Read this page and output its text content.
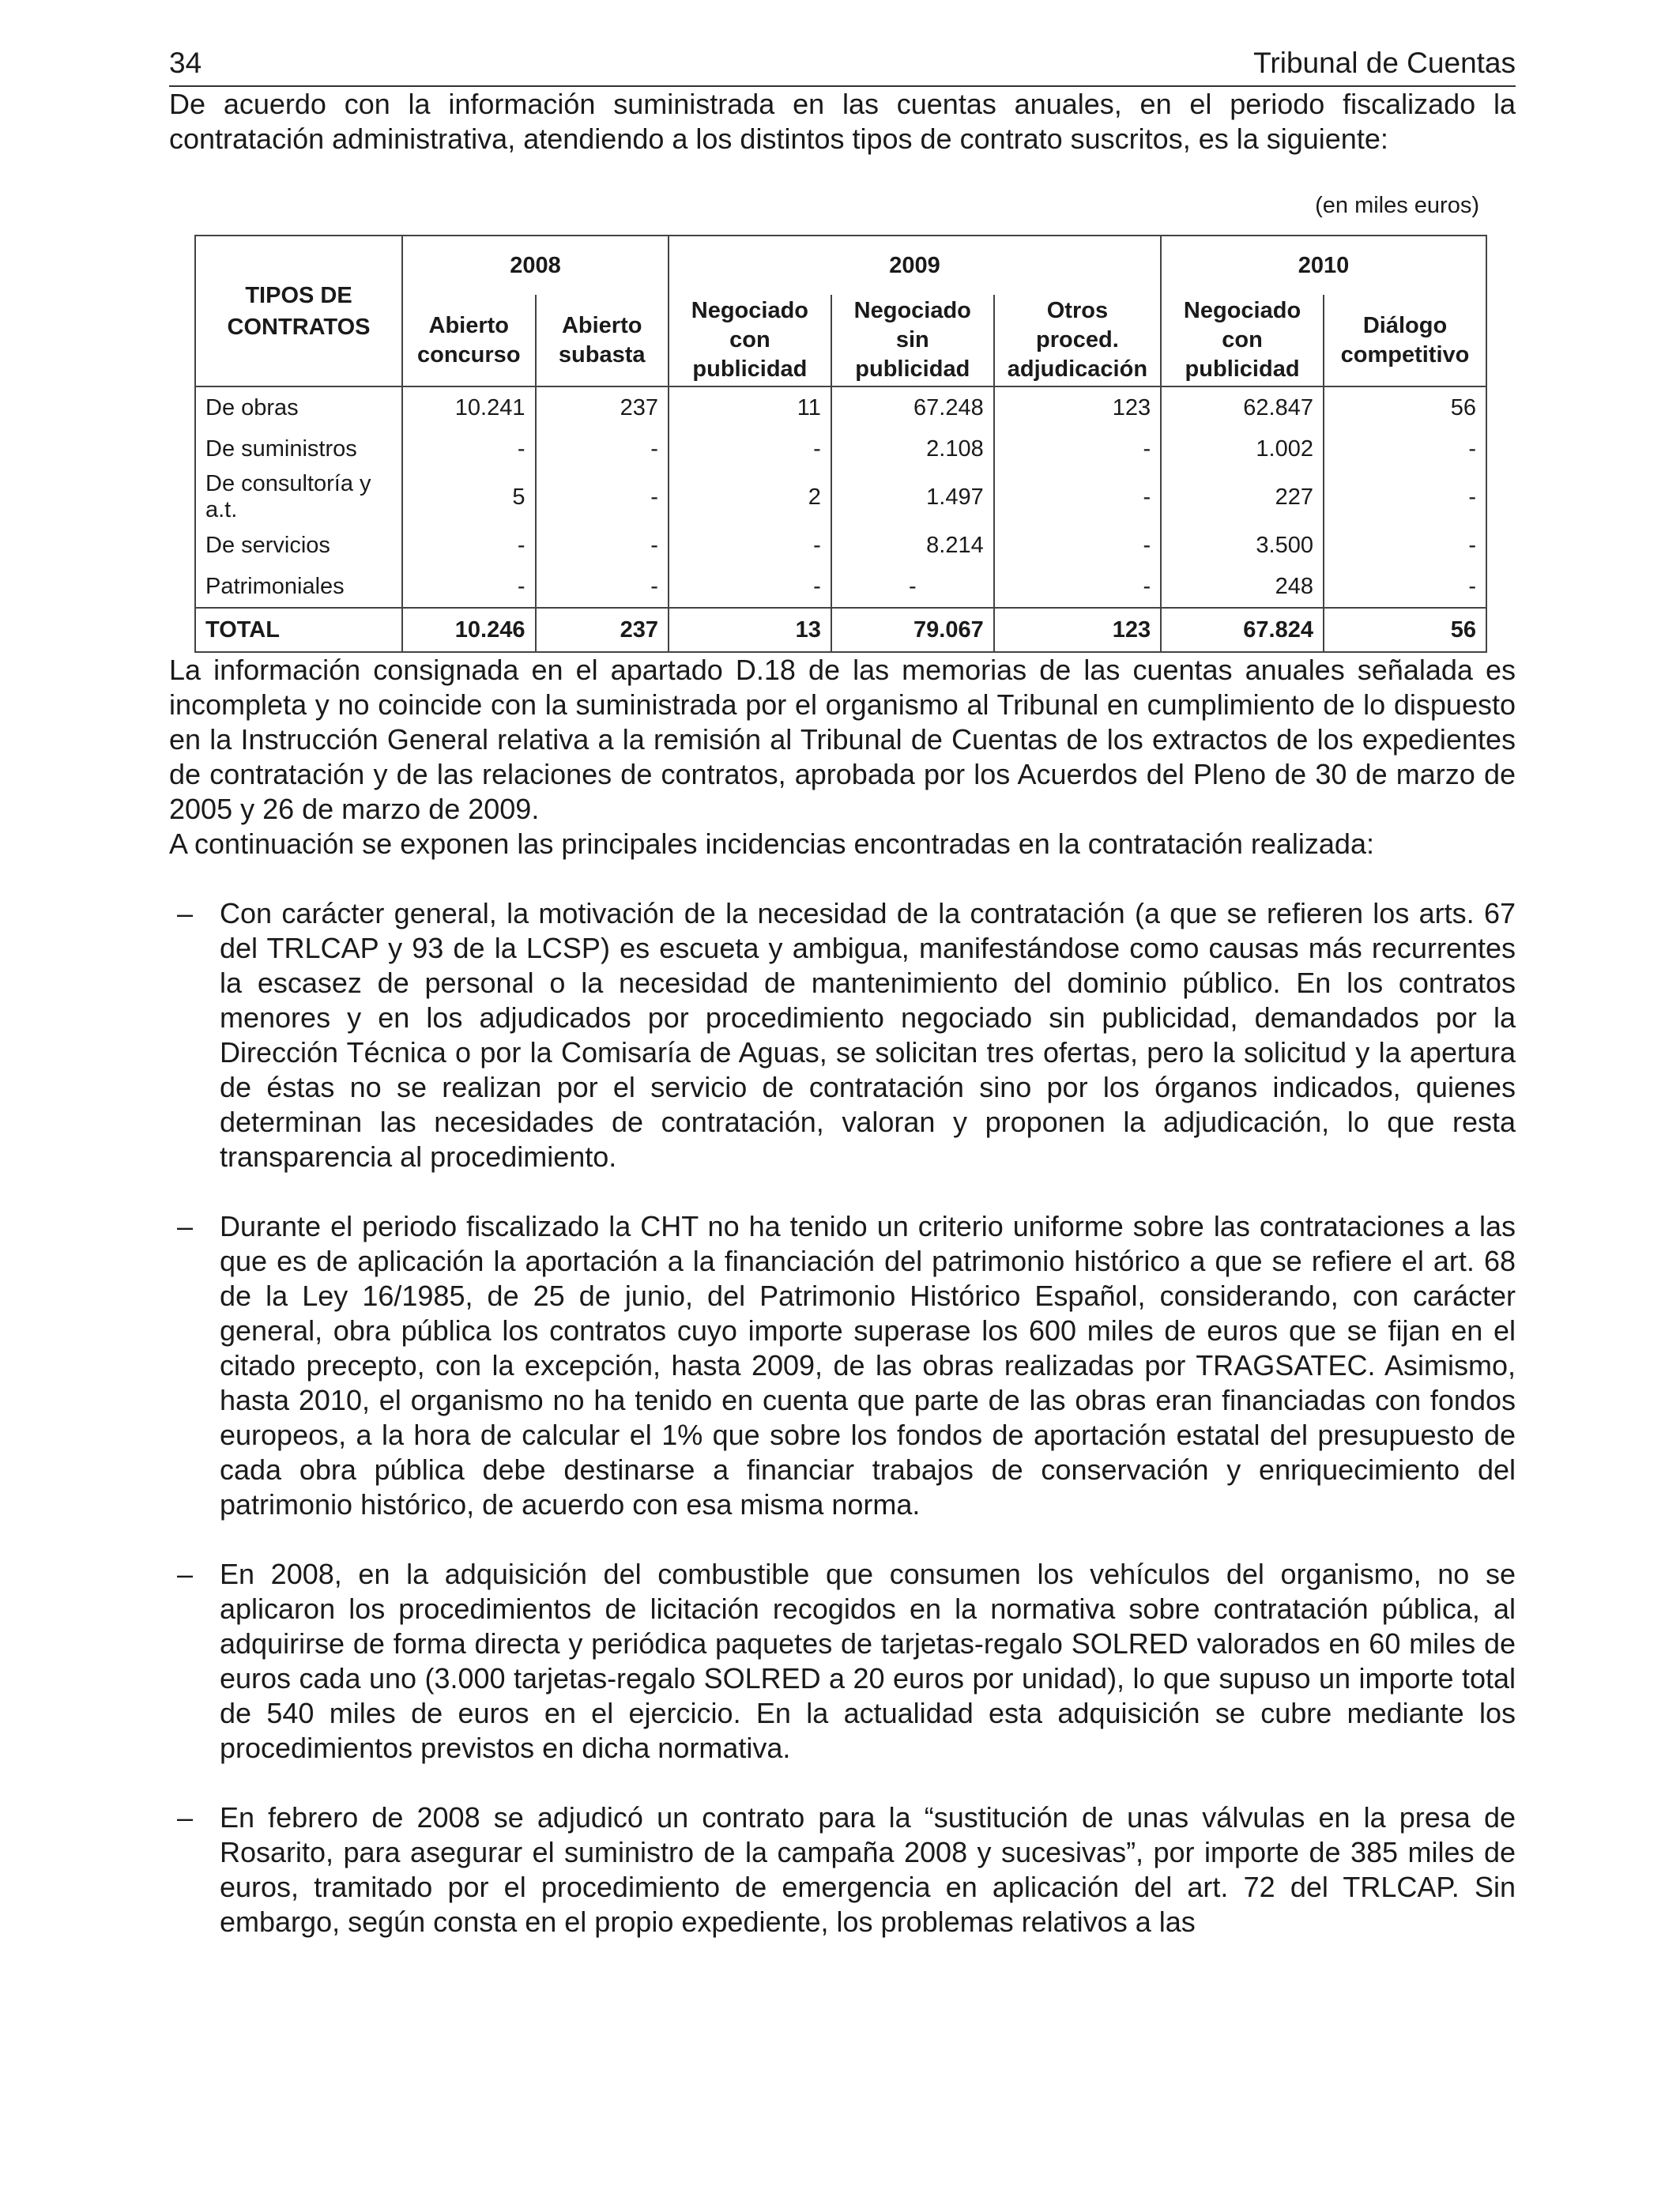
34	Tribunal de Cuentas

De acuerdo con la información suministrada en las cuentas anuales, en el periodo fiscalizado la contratación administrativa, atendiendo a los distintos tipos de contrato suscritos, es la siguiente:

(en miles euros)
TIPOS DE
CONTRATOS	2008		2009			2010	
	Abierto concurso	Abierto subasta	Negociado con publicidad	Negociado sin publicidad	Otros proced. adjudicación	Negociado con publicidad	Diálogo competitivo
De obras	10.241	237	11	67.248	123	62.847	56
De suministros	-	-	-	2.108	-	1.002	-
De consultoría y a.t.	5	-	2	1.497	-	227	-
De servicios	-	-	-	8.214	-	3.500	-
Patrimoniales	-	-	-	-	-	248	-
TOTAL	10.246	237	13	79.067	123	67.824	56

La información consignada en el apartado D.18 de las memorias de las cuentas anuales señalada es incompleta y no coincide con la suministrada por el organismo al Tribunal en cumplimiento de lo dispuesto en la Instrucción General relativa a la remisión al Tribunal de Cuentas de los extractos de los expedientes de contratación y de las relaciones de contratos, aprobada por los Acuerdos del Pleno de 30 de marzo de 2005 y 26 de marzo de 2009.

A continuación se exponen las principales incidencias encontradas en la contratación realizada:

– Con carácter general, la motivación de la necesidad de la contratación (a que se refieren los arts. 67 del TRLCAP y 93 de la LCSP) es escueta y ambigua, manifestándose como causas más recurrentes la escasez de personal o la necesidad de mantenimiento del dominio público. En los contratos menores y en los adjudicados por procedimiento negociado sin publicidad, demandados por la Dirección Técnica o por la Comisaría de Aguas, se solicitan tres ofertas, pero la solicitud y la apertura de éstas no se realizan por el servicio de contratación sino por los órganos indicados, quienes determinan las necesidades de contratación, valoran y proponen la adjudicación, lo que resta transparencia al procedimiento.

– Durante el periodo fiscalizado la CHT no ha tenido un criterio uniforme sobre las contrataciones a las que es de aplicación la aportación a la financiación del patrimonio histórico a que se refiere el art. 68 de la Ley 16/1985, de 25 de junio, del Patrimonio Histórico Español, considerando, con carácter general, obra pública los contratos cuyo importe superase los 600 miles de euros que se fijan en el citado precepto, con la excepción, hasta 2009, de las obras realizadas por TRAGSATEC. Asimismo, hasta 2010, el organismo no ha tenido en cuenta que parte de las obras eran financiadas con fondos europeos, a la hora de calcular el 1% que sobre los fondos de aportación estatal del presupuesto de cada obra pública debe destinarse a financiar trabajos de conservación y enriquecimiento del patrimonio histórico, de acuerdo con esa misma norma.

– En 2008, en la adquisición del combustible que consumen los vehículos del organismo, no se aplicaron los procedimientos de licitación recogidos en la normativa sobre contratación pública, al adquirirse de forma directa y periódica paquetes de tarjetas-regalo SOLRED valorados en 60 miles de euros cada uno (3.000 tarjetas-regalo SOLRED a 20 euros por unidad), lo que supuso un importe total de 540 miles de euros en el ejercicio. En la actualidad esta adquisición se cubre mediante los procedimientos previstos en dicha normativa.

– En febrero de 2008 se adjudicó un contrato para la “sustitución de unas válvulas en la presa de Rosarito, para asegurar el suministro de la campaña 2008 y sucesivas”, por importe de 385 miles de euros, tramitado por el procedimiento de emergencia en aplicación del art. 72 del TRLCAP. Sin embargo, según consta en el propio expediente, los problemas relativos a las
